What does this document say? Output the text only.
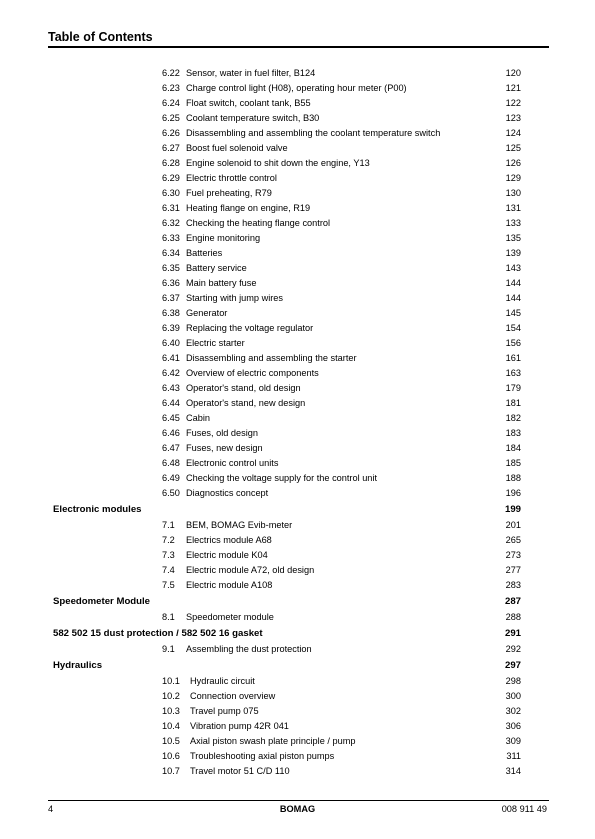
Table of Contents
6.22 Sensor, water in fuel filter, B124	120
6.23 Charge control light (H08), operating hour meter (P00)	121
6.24 Float switch, coolant tank, B55	122
6.25 Coolant temperature switch, B30	123
6.26 Disassembling and assembling the coolant temperature switch	124
6.27 Boost fuel solenoid valve	125
6.28 Engine solenoid to shit down the engine, Y13	126
6.29 Electric throttle control	129
6.30 Fuel preheating, R79	130
6.31 Heating flange on engine, R19	131
6.32 Checking the heating flange control	133
6.33 Engine monitoring	135
6.34 Batteries	139
6.35 Battery service	143
6.36 Main battery fuse	144
6.37 Starting with jump wires	144
6.38 Generator	145
6.39 Replacing the voltage regulator	154
6.40 Electric starter	156
6.41 Disassembling and assembling the starter	161
6.42 Overview of electric components	163
6.43 Operator's stand, old design	179
6.44 Operator's stand, new design	181
6.45 Cabin	182
6.46 Fuses, old design	183
6.47 Fuses, new design	184
6.48 Electronic control units	185
6.49 Checking the voltage supply for the control unit	188
6.50 Diagnostics concept	196
Electronic modules	199
7.1 BEM, BOMAG Evib-meter	201
7.2 Electrics module A68	265
7.3 Electric module K04	273
7.4 Electric module A72, old design	277
7.5 Electric module A108	283
Speedometer Module	287
8.1 Speedometer module	288
582 502 15 dust protection / 582 502 16 gasket	291
9.1 Assembling the dust protection	292
Hydraulics	297
10.1 Hydraulic circuit	298
10.2 Connection overview	300
10.3 Travel pump 075	302
10.4 Vibration pump 42R 041	306
10.5 Axial piston swash plate principle / pump	309
10.6 Troubleshooting axial piston pumps	311
10.7 Travel motor 51 C/D 110	314
4	BOMAG	008 911 49
